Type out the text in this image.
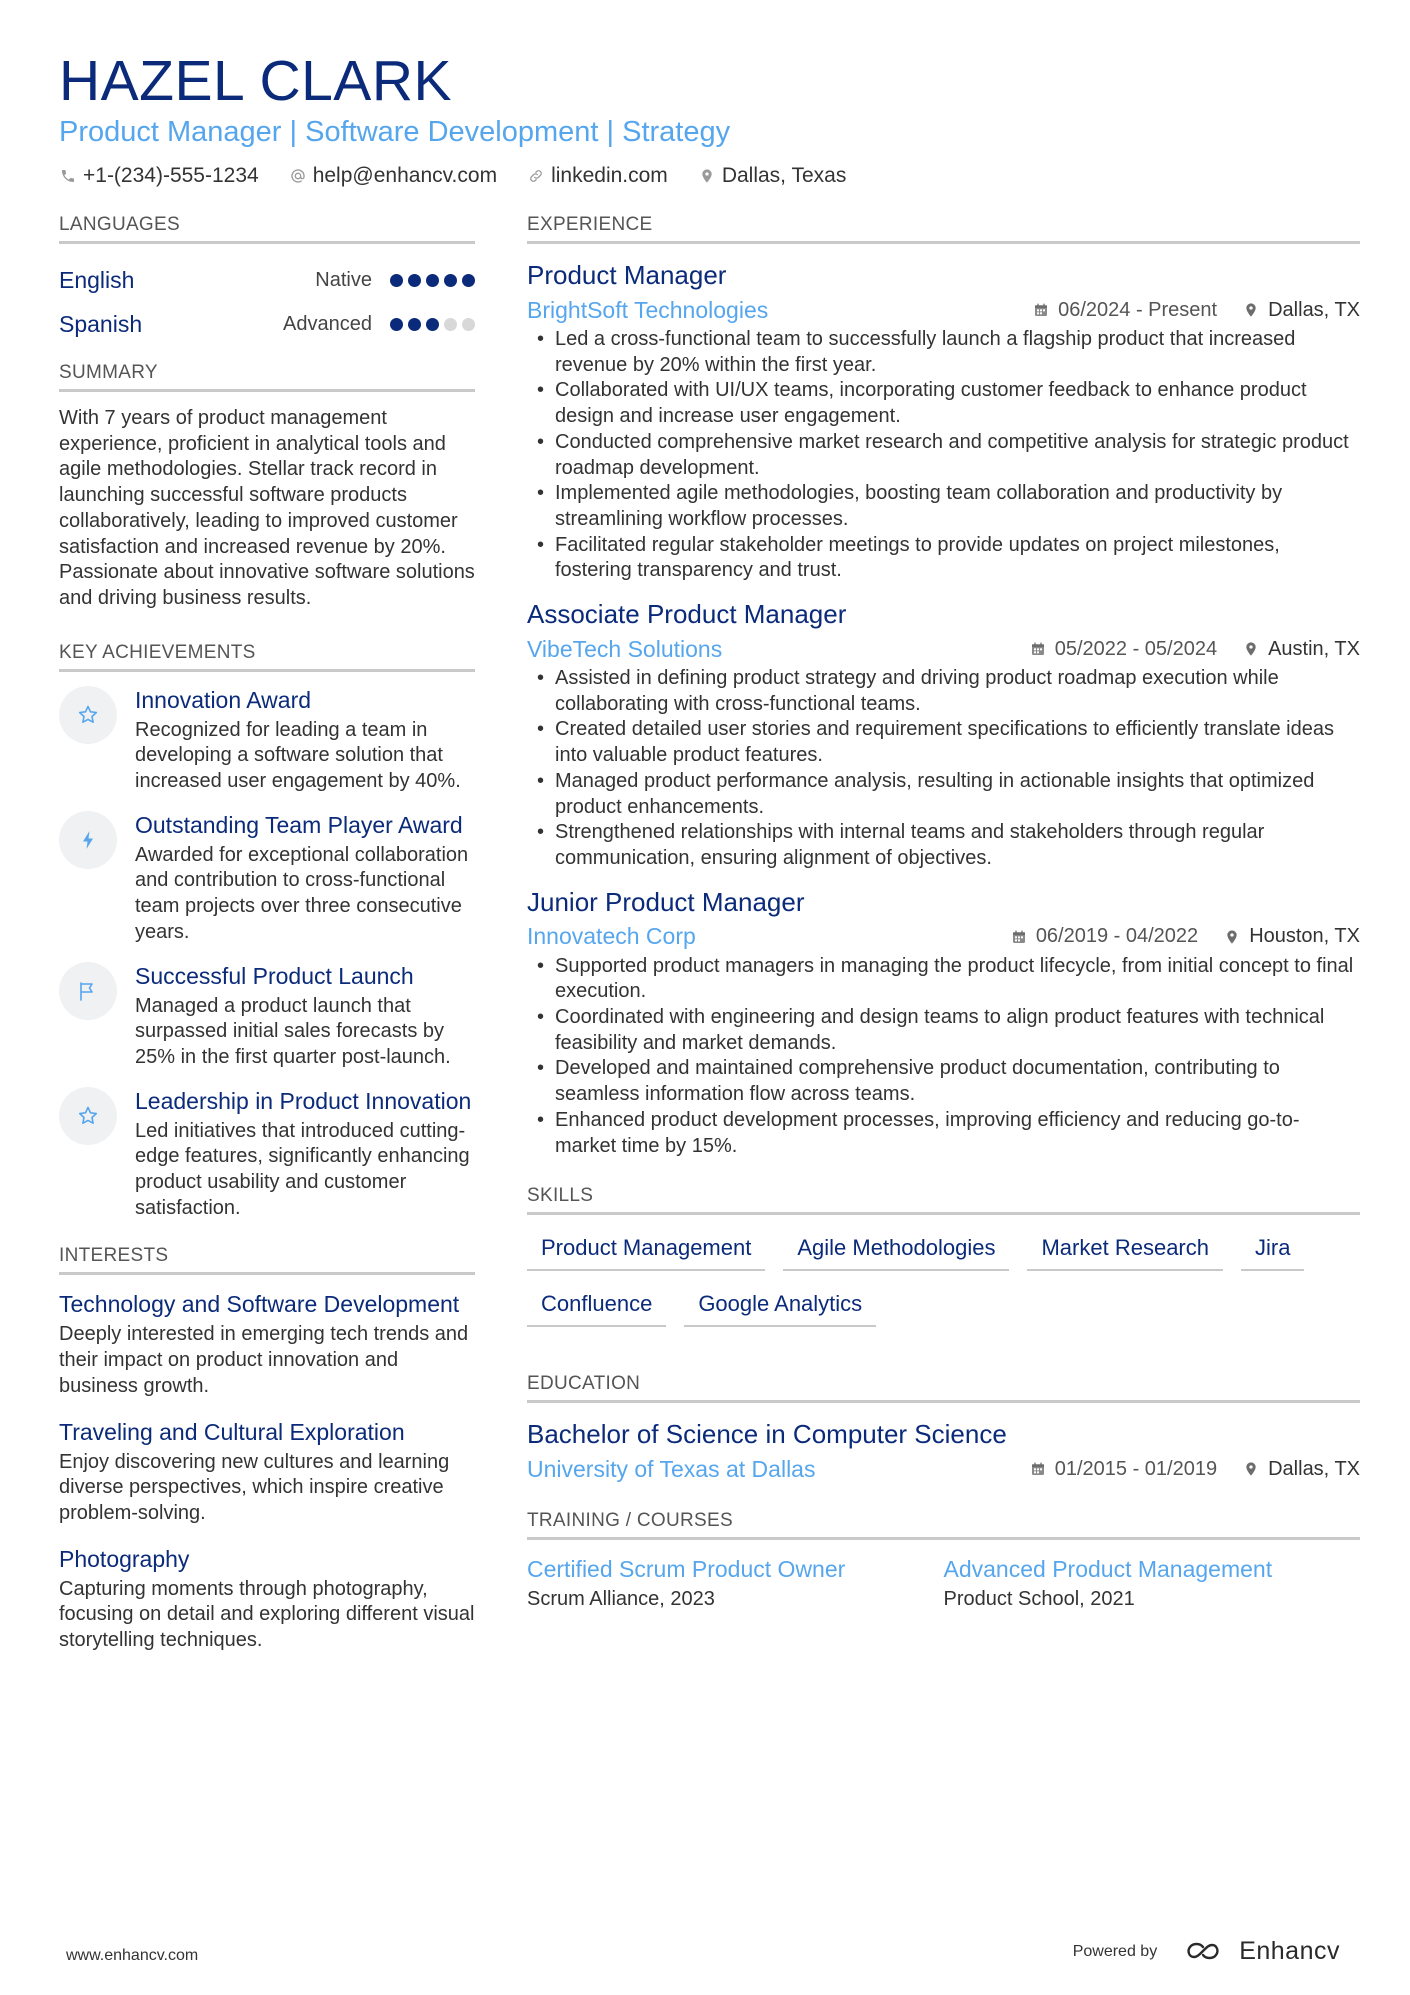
HAZEL CLARK
Product Manager | Software Development | Strategy
+1-(234)-555-1234	help@enhancv.com	linkedin.com	Dallas, Texas
LANGUAGES
English	Native
Spanish	Advanced
SUMMARY
With 7 years of product management experience, proficient in analytical tools and agile methodologies. Stellar track record in launching successful software products collaboratively, leading to improved customer satisfaction and increased revenue by 20%. Passionate about innovative software solutions and driving business results.
KEY ACHIEVEMENTS
Innovation Award
Recognized for leading a team in developing a software solution that increased user engagement by 40%.
Outstanding Team Player Award
Awarded for exceptional collaboration and contribution to cross-functional team projects over three consecutive years.
Successful Product Launch
Managed a product launch that surpassed initial sales forecasts by 25% in the first quarter post-launch.
Leadership in Product Innovation
Led initiatives that introduced cutting-edge features, significantly enhancing product usability and customer satisfaction.
INTERESTS
Technology and Software Development
Deeply interested in emerging tech trends and their impact on product innovation and business growth.
Traveling and Cultural Exploration
Enjoy discovering new cultures and learning diverse perspectives, which inspire creative problem-solving.
Photography
Capturing moments through photography, focusing on detail and exploring different visual storytelling techniques.
EXPERIENCE
Product Manager
BrightSoft Technologies	06/2024 - Present	Dallas, TX
• Led a cross-functional team to successfully launch a flagship product that increased revenue by 20% within the first year.
• Collaborated with UI/UX teams, incorporating customer feedback to enhance product design and increase user engagement.
• Conducted comprehensive market research and competitive analysis for strategic product roadmap development.
• Implemented agile methodologies, boosting team collaboration and productivity by streamlining workflow processes.
• Facilitated regular stakeholder meetings to provide updates on project milestones, fostering transparency and trust.
Associate Product Manager
VibeTech Solutions	05/2022 - 05/2024	Austin, TX
• Assisted in defining product strategy and driving product roadmap execution while collaborating with cross-functional teams.
• Created detailed user stories and requirement specifications to efficiently translate ideas into valuable product features.
• Managed product performance analysis, resulting in actionable insights that optimized product enhancements.
• Strengthened relationships with internal teams and stakeholders through regular communication, ensuring alignment of objectives.
Junior Product Manager
Innovatech Corp	06/2019 - 04/2022	Houston, TX
• Supported product managers in managing the product lifecycle, from initial concept to final execution.
• Coordinated with engineering and design teams to align product features with technical feasibility and market demands.
• Developed and maintained comprehensive product documentation, contributing to seamless information flow across teams.
• Enhanced product development processes, improving efficiency and reducing go-to-market time by 15%.
SKILLS
Product Management	Agile Methodologies	Market Research	Jira
Confluence	Google Analytics
EDUCATION
Bachelor of Science in Computer Science
University of Texas at Dallas	01/2015 - 01/2019	Dallas, TX
TRAINING / COURSES
Certified Scrum Product Owner
Scrum Alliance, 2023
Advanced Product Management
Product School, 2021
www.enhancv.com	Powered by	Enhancv
